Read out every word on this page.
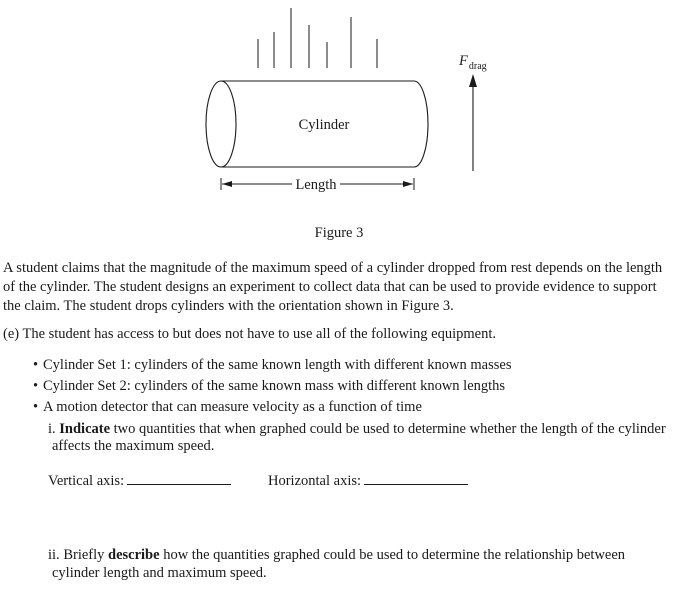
Cylinder
Length
$F_{drag}$

Figure 3

A student claims that the magnitude of the maximum speed of a cylinder dropped from rest depends on the length of the cylinder. The student designs an experiment to collect data that can be used to provide evidence to support the claim. The student drops cylinders with the orientation shown in Figure 3.

(e) The student has access to but does not have to use all of the following equipment.

• Cylinder Set 1: cylinders of the same known length with different known masses
• Cylinder Set 2: cylinders of the same known mass with different known lengths
• A motion detector that can measure velocity as a function of time
i. Indicate two quantities that when graphed could be used to determine whether the length of the cylinder
affects the maximum speed.
Vertical axis:	Horizontal axis:
ii. Briefly describe how the quantities graphed could be used to determine the relationship between
cylinder length and maximum speed.
